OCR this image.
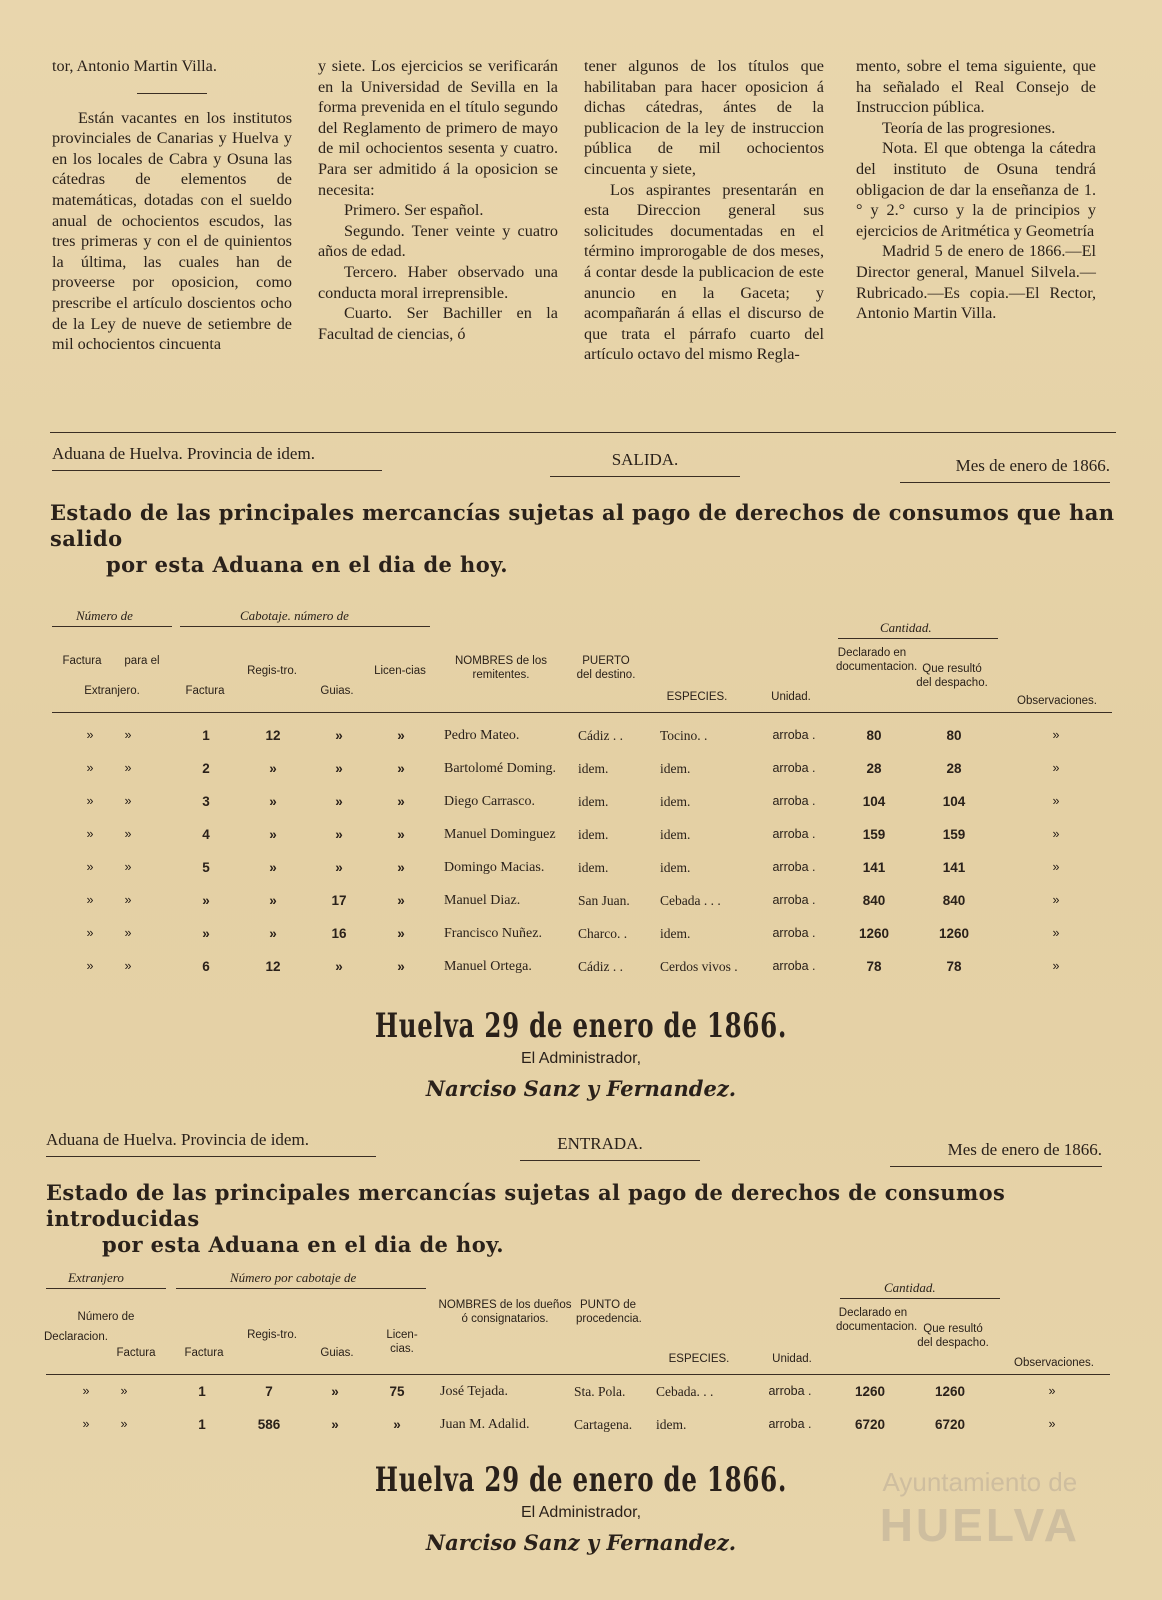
tor, Antonio Martin Villa.

Están vacantes en los institutos provinciales de Canarias y Huelva y en los locales de Cabra y Osuna las cátedras de elementos de matemáticas, dotadas con el sueldo anual de ochocientos escudos, las tres primeras y con el de quinientos la última, las cuales han de proveerse por oposicion, como prescribe el artículo doscientos ocho de la Ley de nueve de setiembre de mil ochocientos cincuenta

y siete. Los ejercicios se verificarán en la Universidad de Sevilla en la forma prevenida en el título segundo del Reglamento de primero de mayo de mil ochocientos sesenta y cuatro. Para ser admitido á la oposicion se necesita:

Primero. Ser español.

Segundo. Tener veinte y cuatro años de edad.

Tercero. Haber observado una conducta moral irreprensible.

Cuarto. Ser Bachiller en la Facultad de ciencias, ó

tener algunos de los títulos que habilitaban para hacer oposicion á dichas cátedras, ántes de la publicacion de la ley de instruccion pública de mil ochocientos cincuenta y siete,

Los aspirantes presentarán en esta Direccion general sus solicitudes documentadas en el término improrogable de dos meses, á contar desde la publicacion de este anuncio en la Gaceta; y acompañarán á ellas el discurso de que trata el párrafo cuarto del artículo octavo del mismo Regla-

mento, sobre el tema siguiente, que ha señalado el Real Consejo de Instruccion pública.

Teoría de las progresiones.

Nota. El que obtenga la cátedra del instituto de Osuna tendrá obligacion de dar la enseñanza de 1.° y 2.° curso y la de principios y ejercicios de Aritmética y Geometría

Madrid 5 de enero de 1866.—El Director general, Manuel Silvela.—Rubricado.—Es copia.—El Rector, Antonio Martin Villa.

Aduana de Huelva. Provincia de idem.	SALIDA.	Mes de enero de 1866.
Estado de las principales mercancías sujetas al pago de derechos de consumos que han salido
por esta Aduana en el dia de hoy.
Número de	Cabotaje. número de
Cantidad.
Factura	para el
Extranjero.	Factura
Regis-tro.
Guias.
Licen-cias
NOMBRES de los remitentes.
PUERTO del destino.
ESPECIES.	Unidad.
Declarado en documentacion. Que resultó del despacho.
Observaciones.
»	»	1	12	»	»	Pedro Mateo.	Cádiz . .	Tocino. .	arroba .	80	80	»
»	»	2	»	»	»	Bartolomé Doming.	idem.	idem.	arroba .	28	28	»
»	»	3	»	»	»	Diego Carrasco.	idem.	idem.	arroba .	104	104	»
»	»	4	»	»	»	Manuel Dominguez	idem.	idem.	arroba .	159	159	»
»	»	5	»	»	»	Domingo Macias.	idem.	idem.	arroba .	141	141	»
»	»	»	»	17	»	Manuel Diaz.	San Juan.	Cebada . . .	arroba .	840	840	»
»	»	»	»	16	»	Francisco Nuñez.	Charco. .	idem.	arroba .	1260	1260	»
»	»	6	12	»	»	Manuel Ortega.	Cádiz . .	Cerdos vivos .	arroba .	78	78	»
Huelva 29 de enero de 1866.
El Administrador,
Narciso Sanz y Fernandez.
Aduana de Huelva. Provincia de idem.	ENTRADA.	Mes de enero de 1866.
Estado de las principales mercancías sujetas al pago de derechos de consumos introducidas
por esta Aduana en el dia de hoy.
Extranjero	Número por cabotaje de
Cantidad.
Número de
Declaracion.
Factura	Factura
Regis-tro.
Guias.
Licen-cias.
NOMBRES de los dueños ó consignatarios.
PUNTO de procedencia.
ESPECIES.	Unidad.
Declarado en documentacion. Que resultó del despacho.
Observaciones.
»	»	1	7	»	75	José Tejada.	Sta. Pola.	Cebada. . .	arroba .	1260	1260	»
»	»	1	586	»	»	Juan M. Adalid.	Cartagena.	idem.	arroba .	6720	6720	»
Huelva 29 de enero de 1866.
El Administrador,
Narciso Sanz y Fernandez.
Ayuntamiento de
HUELVA
